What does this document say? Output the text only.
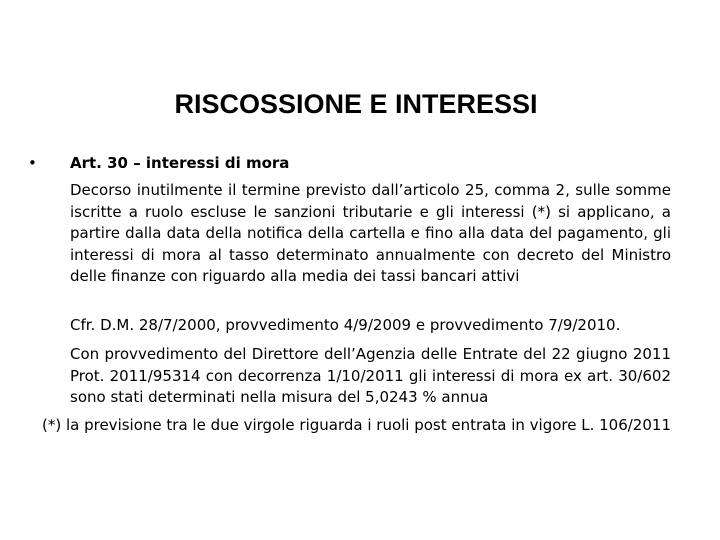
RISCOSSIONE E INTERESSI
• Art. 30 – interessi di mora

Decorso inutilmente il termine previsto dall’articolo 25, comma 2, sulle somme iscritte a ruolo escluse le sanzioni tributarie e gli interessi (*) si applicano, a partire dalla data della notifica della cartella e fino alla data del pagamento, gli interessi di mora al tasso determinato annualmente con decreto del Ministro delle finanze con riguardo alla media dei tassi bancari attivi

Cfr. D.M. 28/7/2000, provvedimento 4/9/2009 e provvedimento 7/9/2010.

Con provvedimento del Direttore dell’Agenzia delle Entrate del 22 giugno 2011 Prot. 2011/95314 con decorrenza 1/10/2011 gli interessi di mora ex art. 30/602 sono stati determinati nella misura del 5,0243 % annua

(*) la previsione tra le due virgole riguarda i ruoli post entrata in vigore L. 106/2011
